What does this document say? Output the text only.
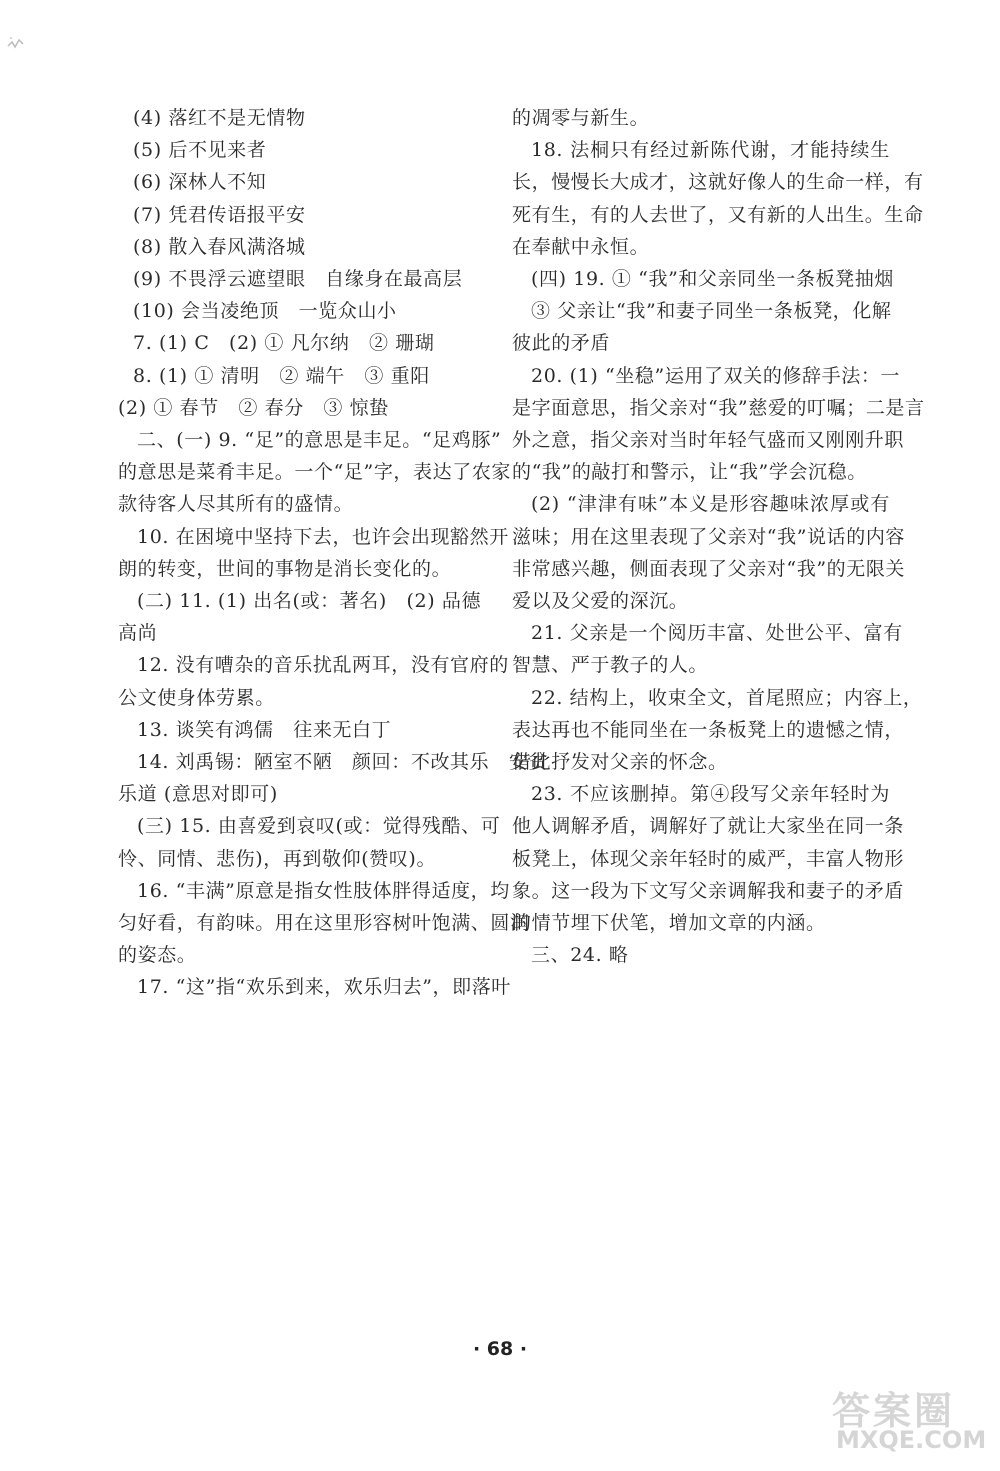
(4) 落红不是无情物
(5) 后不见来者
(6) 深林人不知
(7) 凭君传语报平安
(8) 散入春风满洛城
(9) 不畏浮云遮望眼　自缘身在最高层
(10) 会当凌绝顶　一览众山小
7. (1) C　(2) ① 凡尔纳　② 珊瑚
8. (1) ① 清明　② 端午　③ 重阳
(2) ① 春节　② 春分　③ 惊蛰
二、(一) 9. “足”的意思是丰足。“足鸡豚”
的意思是菜肴丰足。一个“足”字，表达了农家
款待客人尽其所有的盛情。
10. 在困境中坚持下去，也许会出现豁然开
朗的转变，世间的事物是消长变化的。
(二) 11. (1) 出名(或：著名)　(2) 品德
高尚
12. 没有嘈杂的音乐扰乱两耳，没有官府的
公文使身体劳累。
13. 谈笑有鸿儒　往来无白丁
14. 刘禹锡：陋室不陋　颜回：不改其乐　安贫
乐道 (意思对即可)
(三) 15. 由喜爱到哀叹(或：觉得残酷、可
怜、同情、悲伤)，再到敬仰(赞叹)。
16. “丰满”原意是指女性肢体胖得适度，均
匀好看，有韵味。用在这里形容树叶饱满、圆润
的姿态。
17. “这”指“欢乐到来，欢乐归去”，即落叶
的凋零与新生。
18. 法桐只有经过新陈代谢，才能持续生
长，慢慢长大成才，这就好像人的生命一样，有
死有生，有的人去世了，又有新的人出生。生命
在奉献中永恒。
(四) 19. ① “我”和父亲同坐一条板凳抽烟
③ 父亲让“我”和妻子同坐一条板凳，化解
彼此的矛盾
20. (1) “坐稳”运用了双关的修辞手法：一
是字面意思，指父亲对“我”慈爱的叮嘱；二是言
外之意，指父亲对当时年轻气盛而又刚刚升职
的“我”的敲打和警示，让“我”学会沉稳。
(2) “津津有味”本义是形容趣味浓厚或有
滋味；用在这里表现了父亲对“我”说话的内容
非常感兴趣，侧面表现了父亲对“我”的无限关
爱以及父爱的深沉。
21. 父亲是一个阅历丰富、处世公平、富有
智慧、严于教子的人。
22. 结构上，收束全文，首尾照应；内容上，
表达再也不能同坐在一条板凳上的遗憾之情，
借此抒发对父亲的怀念。
23. 不应该删掉。第④段写父亲年轻时为
他人调解矛盾，调解好了就让大家坐在同一条
板凳上，体现父亲年轻时的威严，丰富人物形
象。这一段为下文写父亲调解我和妻子的矛盾
的情节埋下伏笔，增加文章的内涵。
三、24. 略
· 68 ·
答案圈
MXQE.COM
